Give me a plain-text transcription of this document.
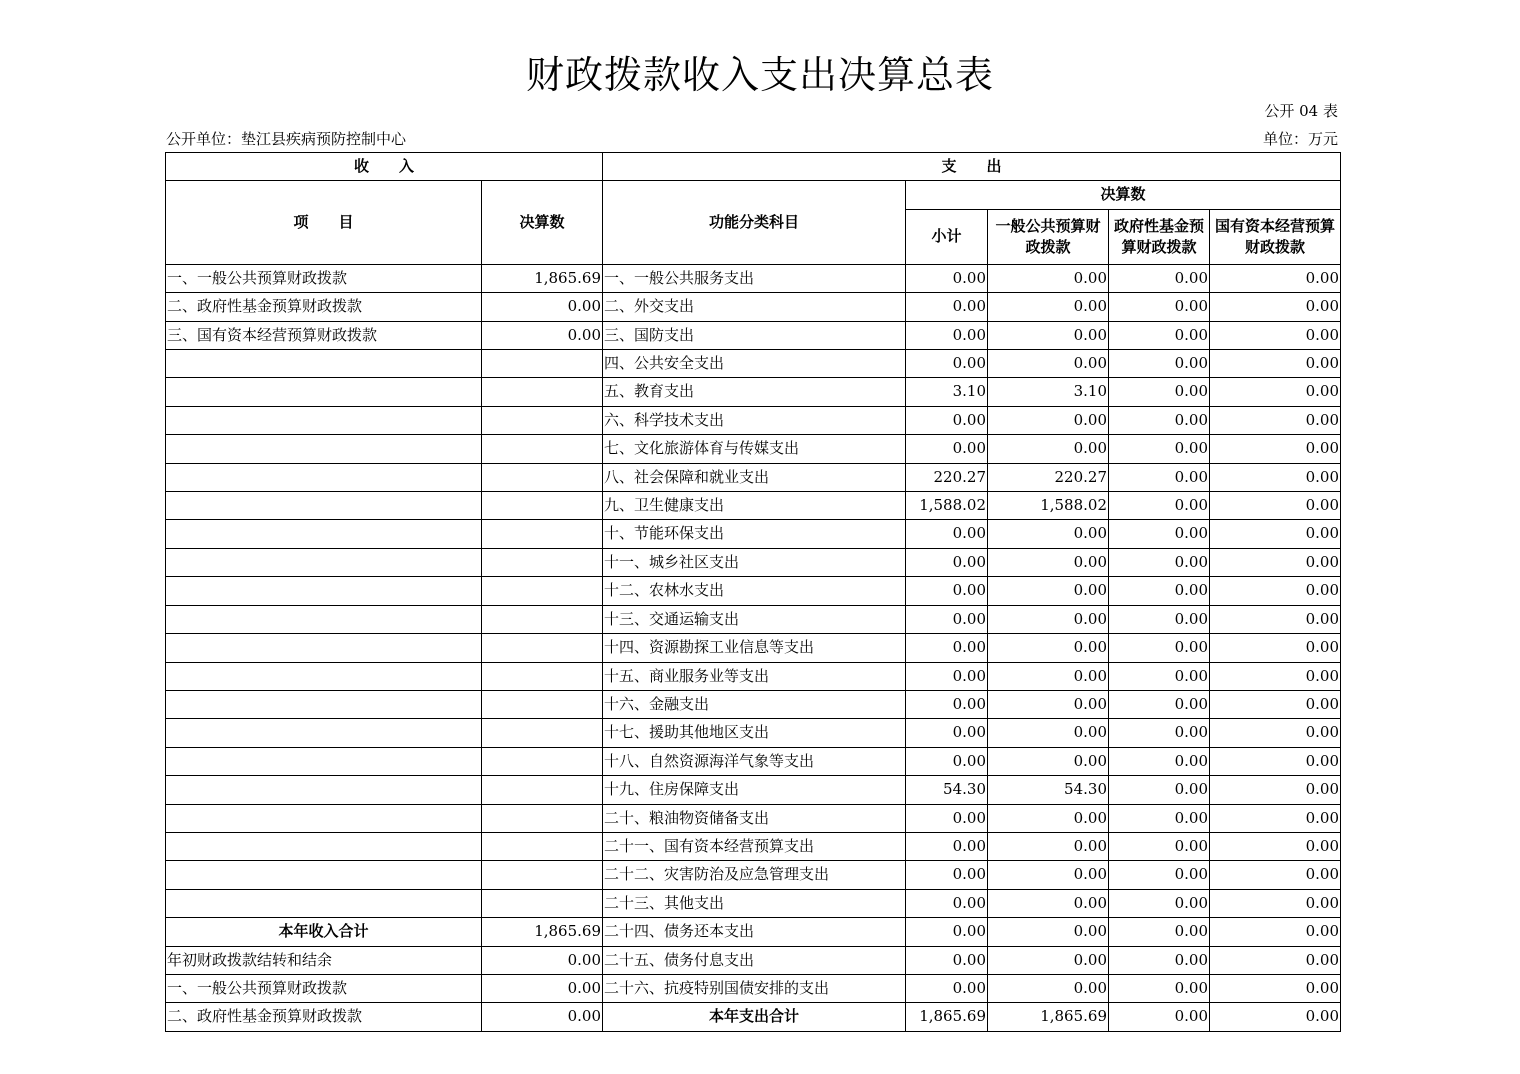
财政拨款收入支出决算总表
公开 04 表
公开单位：垫江县疾病预防控制中心	单位：万元
收　　入		支　　出				
项　　目	决算数	功能分类科目	决算数			
			小计	一般公共预算财政拨款	政府性基金预算财政拨款	国有资本经营预算财政拨款
一、一般公共预算财政拨款	1,865.69	一、一般公共服务支出	0.00	0.00	0.00	0.00
二、政府性基金预算财政拨款	0.00	二、外交支出	0.00	0.00	0.00	0.00
三、国有资本经营预算财政拨款	0.00	三、国防支出	0.00	0.00	0.00	0.00
		四、公共安全支出	0.00	0.00	0.00	0.00
		五、教育支出	3.10	3.10	0.00	0.00
		六、科学技术支出	0.00	0.00	0.00	0.00
		七、文化旅游体育与传媒支出	0.00	0.00	0.00	0.00
		八、社会保障和就业支出	220.27	220.27	0.00	0.00
		九、卫生健康支出	1,588.02	1,588.02	0.00	0.00
		十、节能环保支出	0.00	0.00	0.00	0.00
		十一、城乡社区支出	0.00	0.00	0.00	0.00
		十二、农林水支出	0.00	0.00	0.00	0.00
		十三、交通运输支出	0.00	0.00	0.00	0.00
		十四、资源勘探工业信息等支出	0.00	0.00	0.00	0.00
		十五、商业服务业等支出	0.00	0.00	0.00	0.00
		十六、金融支出	0.00	0.00	0.00	0.00
		十七、援助其他地区支出	0.00	0.00	0.00	0.00
		十八、自然资源海洋气象等支出	0.00	0.00	0.00	0.00
		十九、住房保障支出	54.30	54.30	0.00	0.00
		二十、粮油物资储备支出	0.00	0.00	0.00	0.00
		二十一、国有资本经营预算支出	0.00	0.00	0.00	0.00
		二十二、灾害防治及应急管理支出	0.00	0.00	0.00	0.00
		二十三、其他支出	0.00	0.00	0.00	0.00
本年收入合计	1,865.69	二十四、债务还本支出	0.00	0.00	0.00	0.00
年初财政拨款结转和结余	0.00	二十五、债务付息支出	0.00	0.00	0.00	0.00
一、一般公共预算财政拨款	0.00	二十六、抗疫特别国债安排的支出	0.00	0.00	0.00	0.00
二、政府性基金预算财政拨款	0.00	本年支出合计	1,865.69	1,865.69	0.00	0.00
